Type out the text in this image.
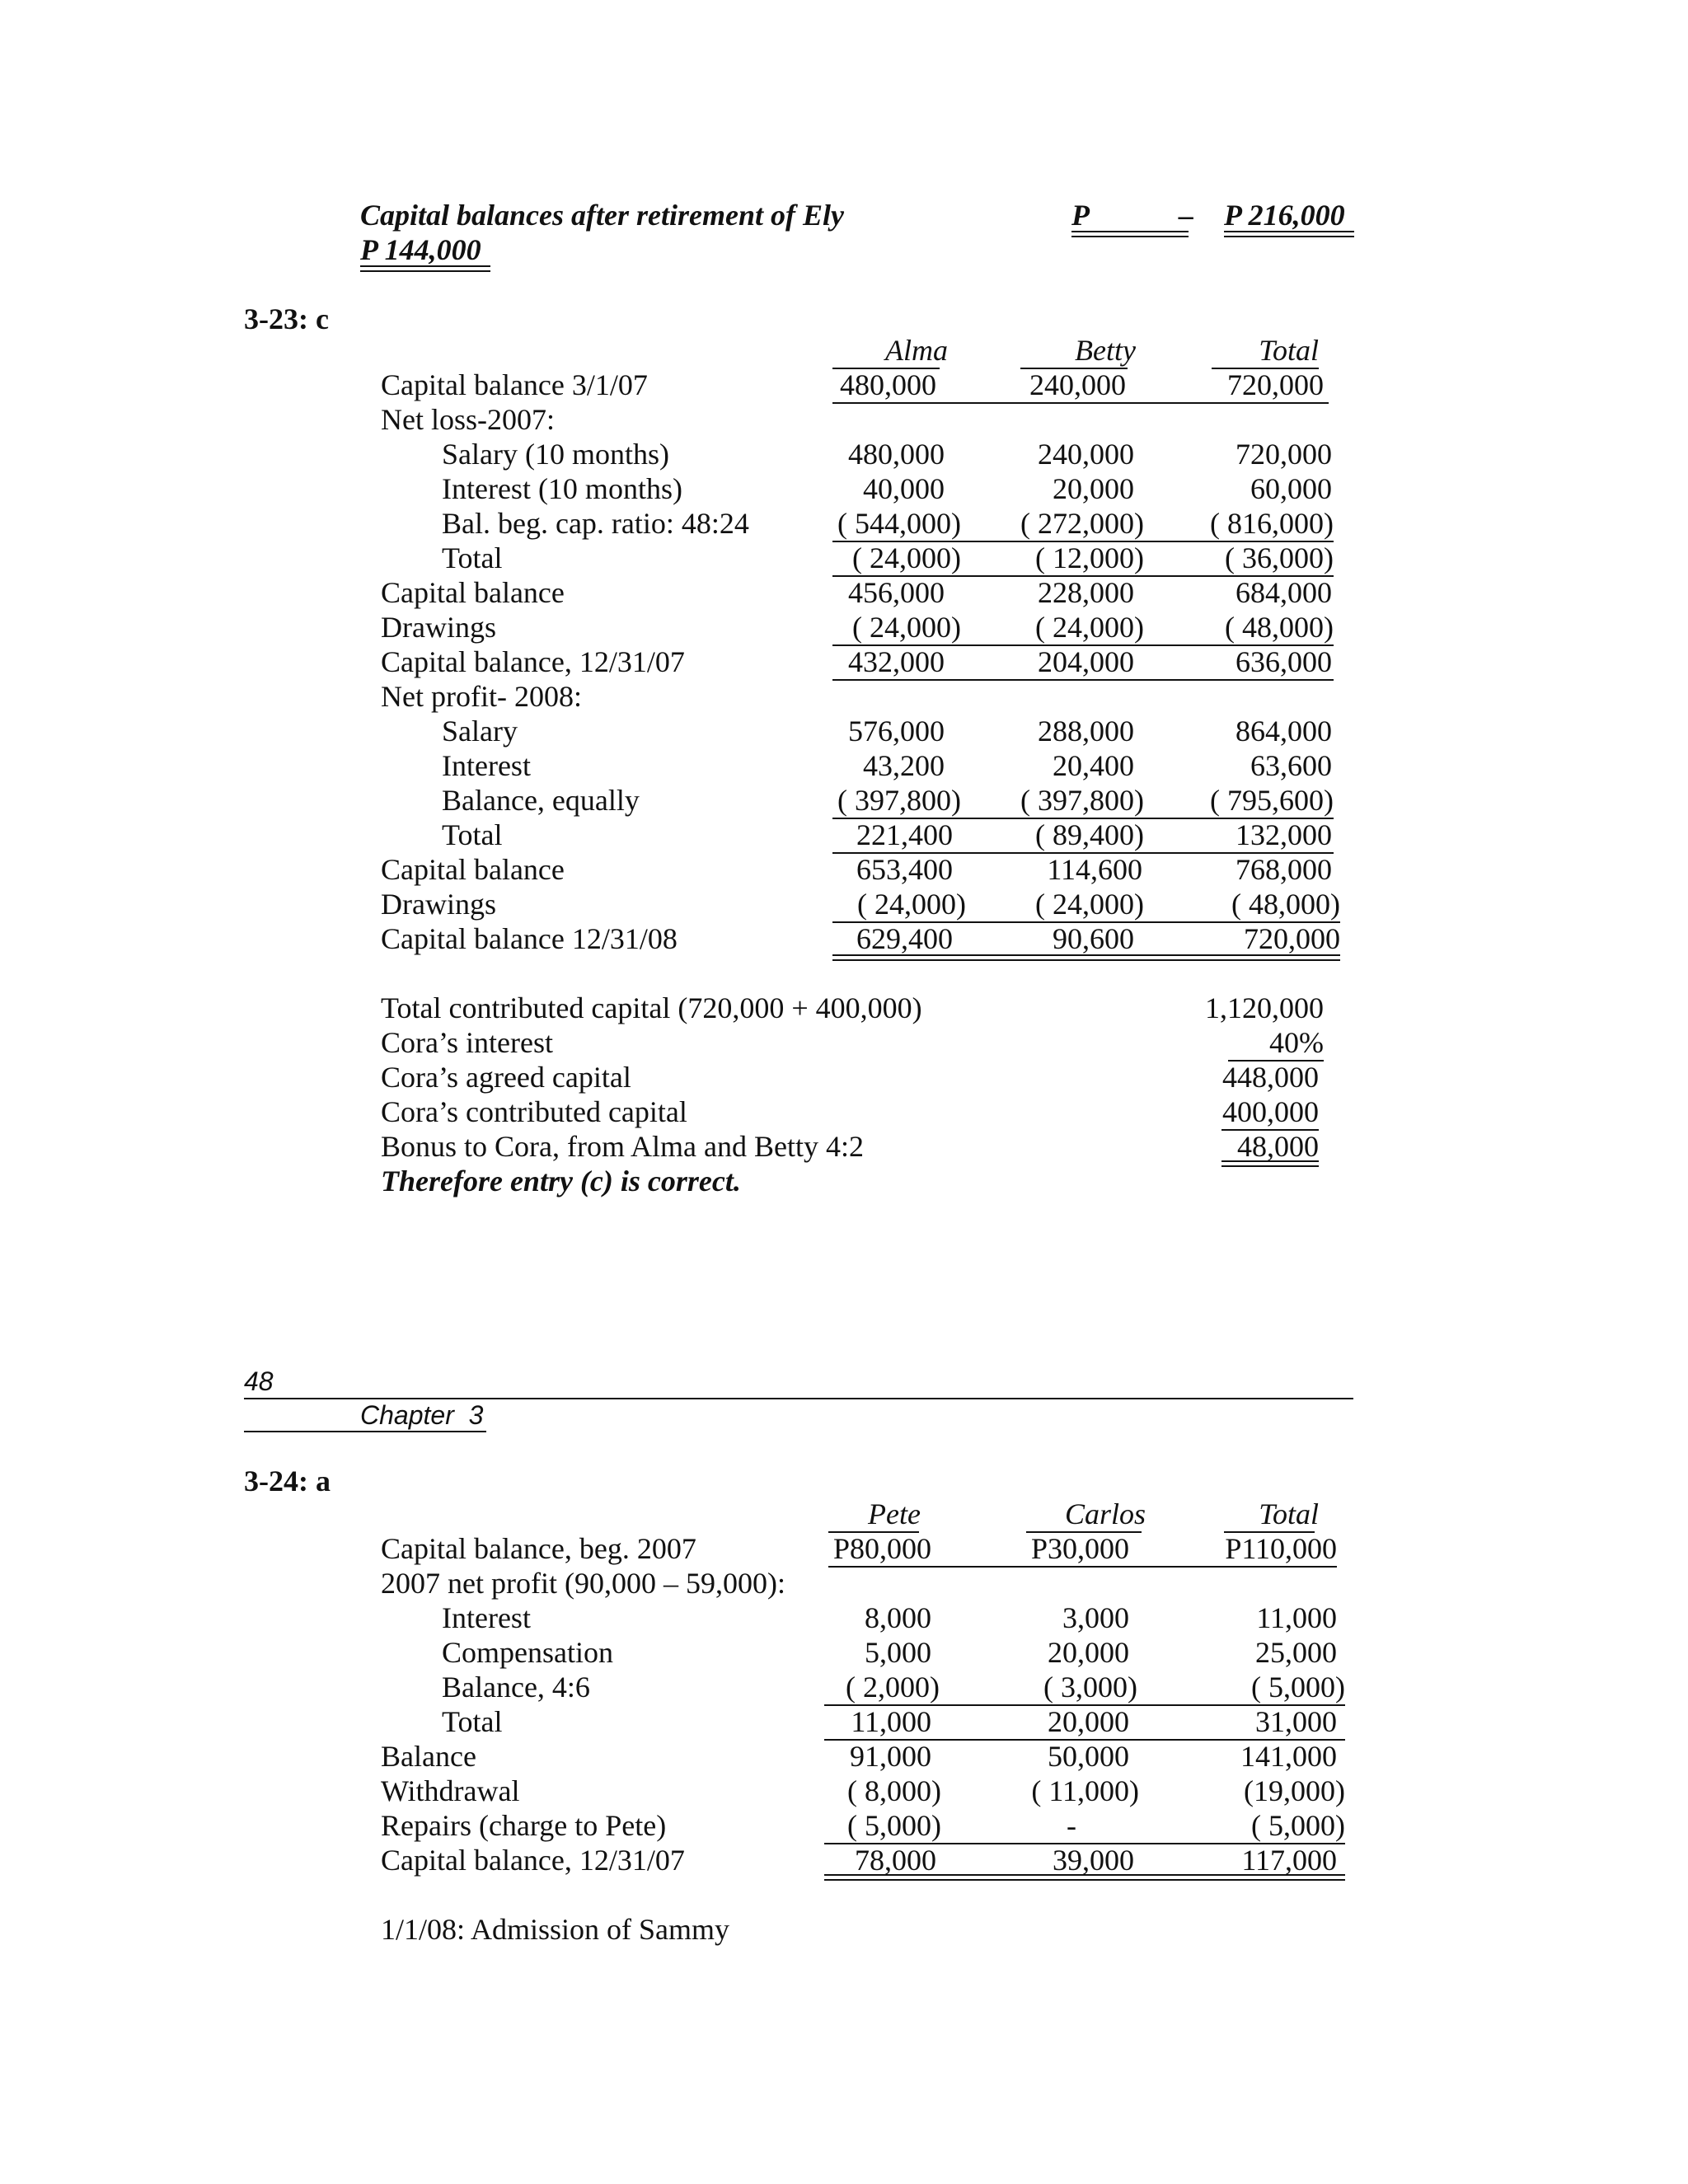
Capital balances after retirement of Ely	P	– P 216,000
P 144,000
3-23: c
Alma	Betty	Total
Capital balance 3/1/07	480,000	240,000	720,000
Net loss-2007:
Salary (10 months)	480,000	240,000	720,000
Interest (10 months)	40,000	20,000	60,000
Bal. beg. cap. ratio: 48:24	( 544,000)	( 272,000)	( 816,000)
Total	( 24,000)	( 12,000)	( 36,000)
Capital balance	456,000	228,000	684,000
Drawings	( 24,000)	( 24,000)	( 48,000)
Capital balance, 12/31/07	432,000	204,000	636,000
Net profit- 2008:
Salary	576,000	288,000	864,000
Interest	43,200	20,400	63,600
Balance, equally	( 397,800)	( 397,800)	( 795,600)
Total	221,400	( 89,400)	132,000
Capital balance	653,400	114,600	768,000
Drawings	( 24,000)	( 24,000)	( 48,000)
Capital balance 12/31/08	629,400	90,600	720,000
Total contributed capital (720,000 + 400,000)	1,120,000
Cora’s interest	40%
Cora’s agreed capital	448,000
Cora’s contributed capital	400,000
Bonus to Cora, from Alma and Betty 4:2	48,000
Therefore entry (c) is correct.
48
Chapter  3
3-24: a
Pete	Carlos	Total
Capital balance, beg. 2007	P80,000	P30,000	P110,000
2007 net profit (90,000 – 59,000):
Interest	8,000	3,000	11,000
Compensation	5,000	20,000	25,000
Balance, 4:6	( 2,000)	( 3,000)	( 5,000)
Total	11,000	20,000	31,000
Balance	91,000	50,000	141,000
Withdrawal	( 8,000)	( 11,000)	(19,000)
Repairs (charge to Pete)	( 5,000)	-	( 5,000)
Capital balance, 12/31/07	78,000	39,000	117,000
1/1/08: Admission of Sammy
